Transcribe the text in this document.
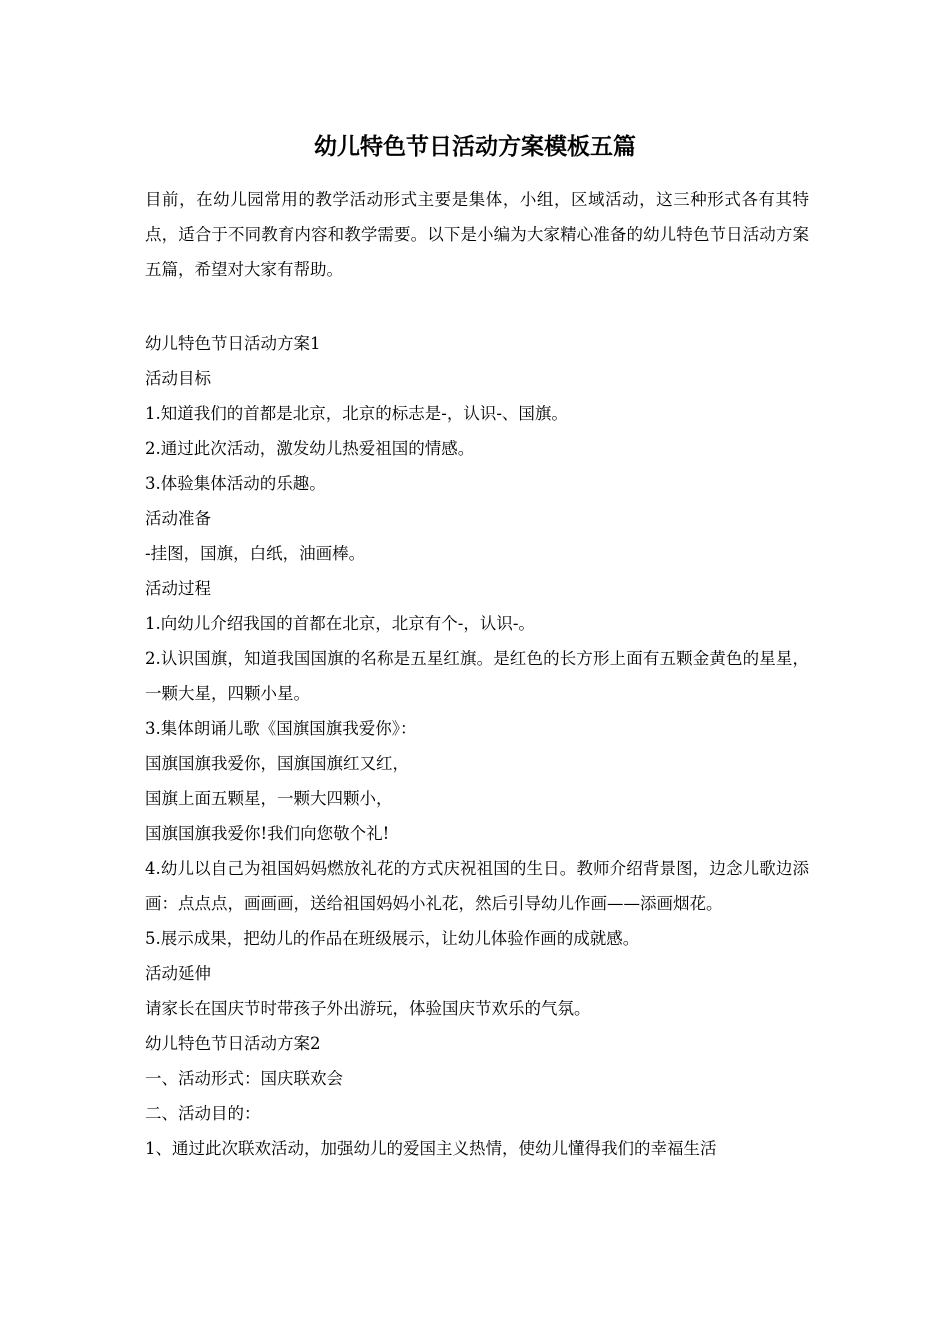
幼儿特色节日活动方案模板五篇

目前，在幼儿园常用的教学活动形式主要是集体，小组，区域活动，这三种形式各有其特点，适合于不同教育内容和教学需要。以下是小编为大家精心准备的幼儿特色节日活动方案五篇，希望对大家有帮助。

幼儿特色节日活动方案1

活动目标

1.知道我们的首都是北京，北京的标志是-，认识-、国旗。

2.通过此次活动，激发幼儿热爱祖国的情感。

3.体验集体活动的乐趣。

活动准备

-挂图，国旗，白纸，油画棒。

活动过程

1.向幼儿介绍我国的首都在北京，北京有个-，认识-。

2.认识国旗，知道我国国旗的名称是五星红旗。是红色的长方形上面有五颗金黄色的星星，一颗大星，四颗小星。

3.集体朗诵儿歌《国旗国旗我爱你》：

国旗国旗我爱你，国旗国旗红又红，

国旗上面五颗星，一颗大四颗小，

国旗国旗我爱你!我们向您敬个礼!

4.幼儿以自己为祖国妈妈燃放礼花的方式庆祝祖国的生日。教师介绍背景图，边念儿歌边添画：点点点，画画画，送给祖国妈妈小礼花，然后引导幼儿作画——添画烟花。

5.展示成果，把幼儿的作品在班级展示，让幼儿体验作画的成就感。

活动延伸

请家长在国庆节时带孩子外出游玩，体验国庆节欢乐的气氛。

幼儿特色节日活动方案2

一、活动形式：国庆联欢会

二、活动目的：

1、通过此次联欢活动，加强幼儿的爱国主义热情，使幼儿懂得我们的幸福生活
